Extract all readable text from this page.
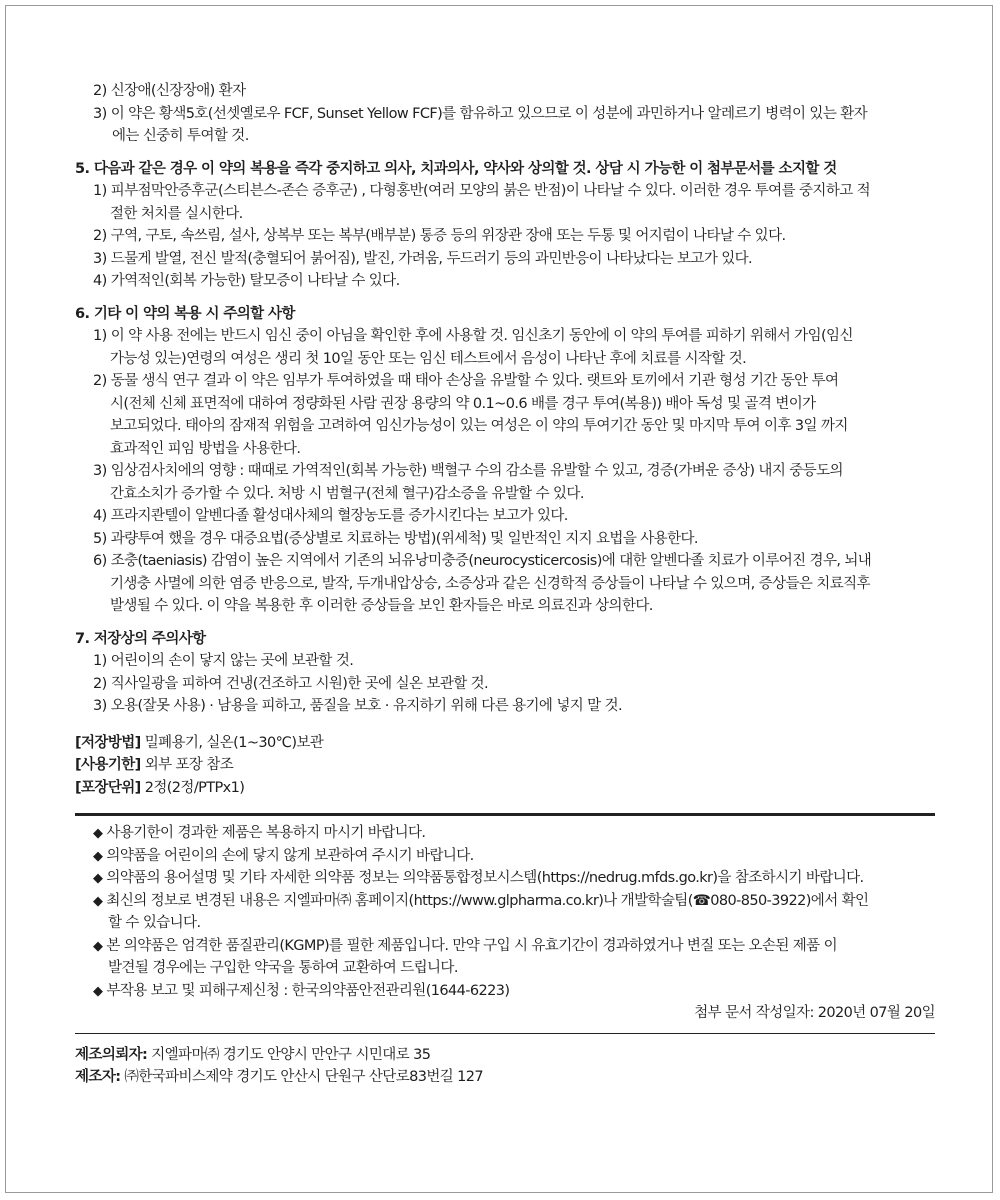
2) 신장애(신장장애) 환자
3) 이 약은 황색5호(선셋옐로우 FCF, Sunset Yellow FCF)를 함유하고 있으므로 이 성분에 과민하거나 알레르기 병력이 있는 환자
에는 신중히 투여할 것.
5. 다음과 같은 경우 이 약의 복용을 즉각 중지하고 의사, 치과의사, 약사와 상의할 것. 상담 시 가능한 이 첨부문서를 소지할 것
1) 피부점막안증후군(스티븐스-존슨 증후군) , 다형홍반(여러 모양의 붉은 반점)이 나타날 수 있다. 이러한 경우 투여를 중지하고 적
절한 처치를 실시한다.
2) 구역, 구토, 속쓰림, 설사, 상복부 또는 복부(배부분) 통증 등의 위장관 장애 또는 두통 및 어지럼이 나타날 수 있다.
3) 드물게 발열, 전신 발적(충혈되어 붉어짐), 발진, 가려움, 두드러기 등의 과민반응이 나타났다는 보고가 있다.
4) 가역적인(회복 가능한) 탈모증이 나타날 수 있다.
6. 기타 이 약의 복용 시 주의할 사항
1) 이 약 사용 전에는 반드시 임신 중이 아님을 확인한 후에 사용할 것. 임신초기 동안에 이 약의 투여를 피하기 위해서 가임(임신
가능성 있는)연령의 여성은 생리 첫 10일 동안 또는 임신 테스트에서 음성이 나타난 후에 치료를 시작할 것.
2) 동물 생식 연구 결과 이 약은 임부가 투여하였을 때 태아 손상을 유발할 수 있다. 랫트와 토끼에서 기관 형성 기간 동안 투여
시(전체 신체 표면적에 대하여 정량화된 사람 권장 용량의 약 0.1~0.6 배를 경구 투여(복용)) 배아 독성 및 골격 변이가
보고되었다. 태아의 잠재적 위험을 고려하여 임신가능성이 있는 여성은 이 약의 투여기간 동안 및 마지막 투여 이후 3일 까지
효과적인 피임 방법을 사용한다.
3) 임상검사치에의 영향 : 때때로 가역적인(회복 가능한) 백혈구 수의 감소를 유발할 수 있고, 경증(가벼운 증상) 내지 중등도의
간효소치가 증가할 수 있다. 처방 시 범혈구(전체 혈구)감소증을 유발할 수 있다.
4) 프라지콴텔이 알벤다졸 활성대사체의 혈장농도를 증가시킨다는 보고가 있다.
5) 과량투여 했을 경우 대증요법(증상별로 치료하는 방법)(위세척) 및 일반적인 지지 요법을 사용한다.
6) 조충(taeniasis) 감염이 높은 지역에서 기존의 뇌유낭미충증(neurocysticercosis)에 대한 알벤다졸 치료가 이루어진 경우, 뇌내
기생충 사멸에 의한 염증 반응으로, 발작, 두개내압상승, 소증상과 같은 신경학적 증상들이 나타날 수 있으며, 증상들은 치료직후
발생될 수 있다. 이 약을 복용한 후 이러한 증상들을 보인 환자들은 바로 의료진과 상의한다.
7. 저장상의 주의사항
1) 어린이의 손이 닿지 않는 곳에 보관할 것.
2) 직사일광을 피하여 건냉(건조하고 시원)한 곳에 실온 보관할 것.
3) 오용(잘못 사용) · 남용을 피하고, 품질을 보호 · 유지하기 위해 다른 용기에 넣지 말 것.
[저장방법] 밀폐용기, 실온(1~30℃)보관
[사용기한] 외부 포장 참조
[포장단위] 2정(2정/PTPx1)
◆ 사용기한이 경과한 제품은 복용하지 마시기 바랍니다.
◆ 의약품을 어린이의 손에 닿지 않게 보관하여 주시기 바랍니다.
◆ 의약품의 용어설명 및 기타 자세한 의약품 정보는 의약품통합정보시스템(https://nedrug.mfds.go.kr)을 참조하시기 바랍니다.
◆ 최신의 정보로 변경된 내용은 지엘파마㈜ 홈페이지(https://www.glpharma.co.kr)나 개발학술팀(☎080-850-3922)에서 확인
할 수 있습니다.
◆ 본 의약품은 엄격한 품질관리(KGMP)를 필한 제품입니다. 만약 구입 시 유효기간이 경과하였거나 변질 또는 오손된 제품 이
발견될 경우에는 구입한 약국을 통하여 교환하여 드립니다.
◆ 부작용 보고 및 피해구제신청 : 한국의약품안전관리원(1644-6223)
첨부 문서 작성일자: 2020년 07월 20일
제조의뢰자: 지엘파마㈜ 경기도 안양시 만안구 시민대로 35
제조자: ㈜한국파비스제약 경기도 안산시 단원구 산단로83번길 127
